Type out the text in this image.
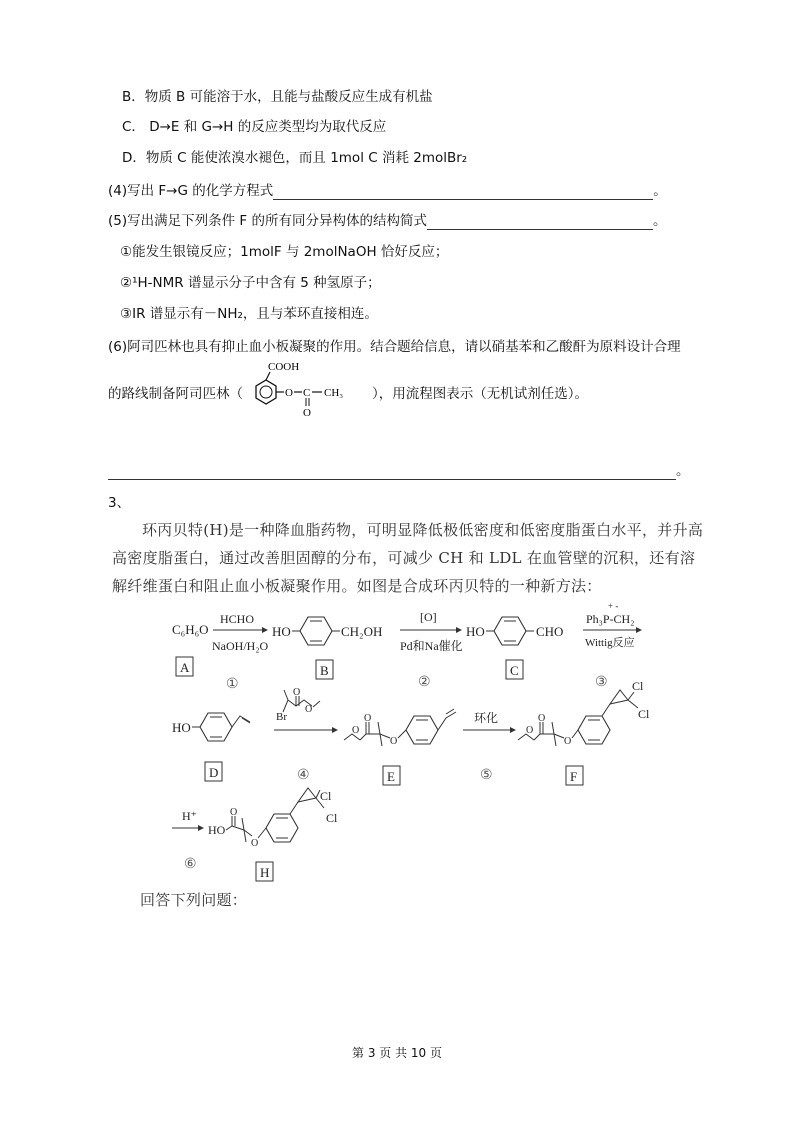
B．物质 B 可能溶于水，且能与盐酸反应生成有机盐
C． D→E 和 G→H 的反应类型均为取代反应
D．物质 C 能使浓溴水褪色，而且 1mol C 消耗 2molBr₂
(4)写出 F→G 的化学方程式	。
(5)写出满足下列条件 F 的所有同分异构体的结构简式	。
①能发生银镜反应；1molF 与 2molNaOH 恰好反应；
②¹H-NMR 谱显示分子中含有 5 种氢原子；
③IR 谱显示有－NH₂，且与苯环直接相连。
(6)阿司匹林也具有抑止血小板凝聚的作用。结合题给信息，请以硝基苯和乙酸酐为原料设计合理
的路线制备阿司匹林（
COOH
O C
O
CH₃ ），用流程图表示（无机试剂任选）。
。
3、
环丙贝特(H)是一种降血脂药物，可明显降低极低密度和低密度脂蛋白水平，并升高高密度脂蛋白，通过改善胆固醇的分布，可减少 CH 和 LDL 在血管壁的沉积，还有溶解纤维蛋白和阻止血小板凝聚作用。如图是合成环丙贝特的一种新方法：
C₆H₆O
A
HCHO
NaOH/H₂O
①
HO	CH₂OH
B
[O]
Pd和Na催化
②
HO	CHO
C
+ -
Ph₃P-CH₂
Wittig反应
③
HO
D
Br
O
O
④
O
O
O
E
环化
⑤
O
O
O
Cl
Cl
F
H⁺
⑥
HO
O
O
Cl
Cl
H
回答下列问题：
第 3 页 共 10 页
